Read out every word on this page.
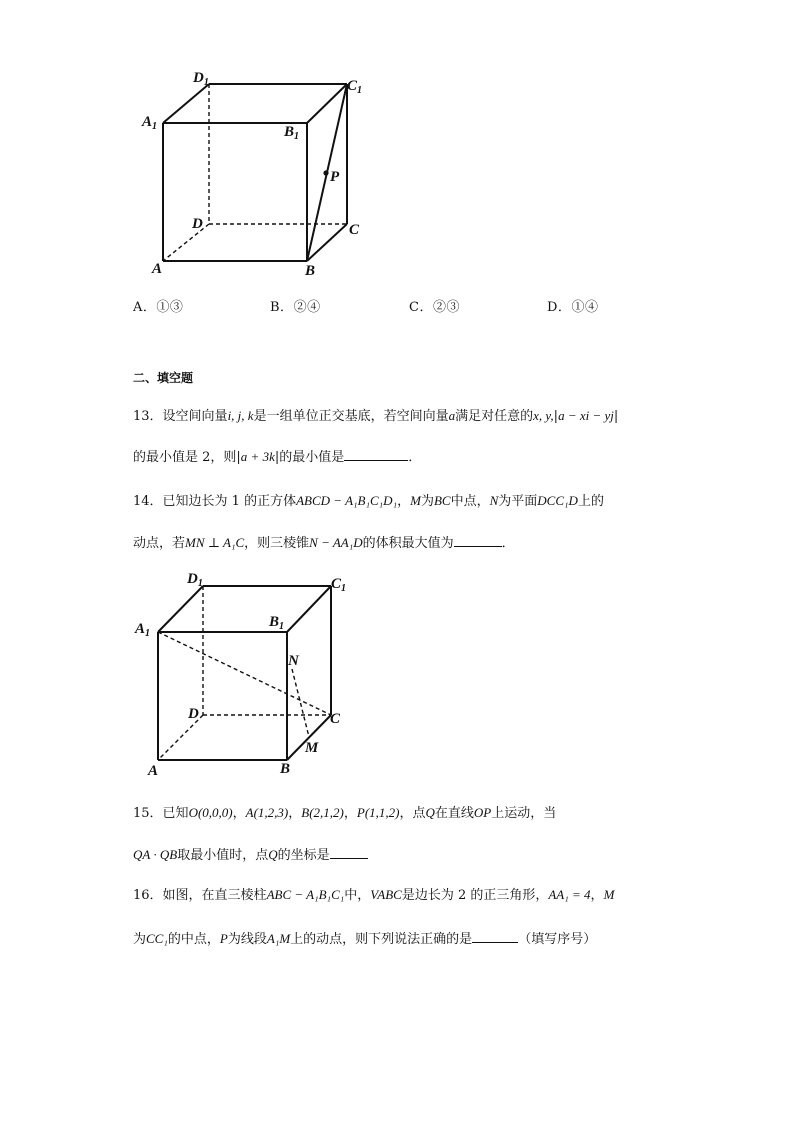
$D_1$	$C_1$
$A_1$	$B_1$
P
D	C
A	B
A．①③	B．②④	C．②③	D．①④
二、填空题
13．设空间向量i, j, k是一组单位正交基底，若空间向量a满足对任意的x, y,|a − xi − yj|
的最小值是 2，则|a + 3k|的最小值是	．
14．已知边长为 1 的正方体ABCD − A₁B₁C₁D₁，M为BC中点，N为平面DCC₁D上的
动点，若MN ⊥ A₁C，则三棱锥N − AA₁D的体积最大值为	．
$D_1$	$C_1$
$A_1$
$B_1$
N
D	C
M
A	B
15．已知O(0,0,0)，A(1,2,3)，B(2,1,2)，P(1,1,2)，点Q在直线OP上运动，当
QA · QB取最小值时，点Q的坐标是
16．如图，在直三棱柱ABC − A₁B₁C₁中，VABC是边长为 2 的正三角形，AA₁ = 4，M
为CC₁的中点，P为线段A₁M上的动点，则下列说法正确的是	（填写序号）
